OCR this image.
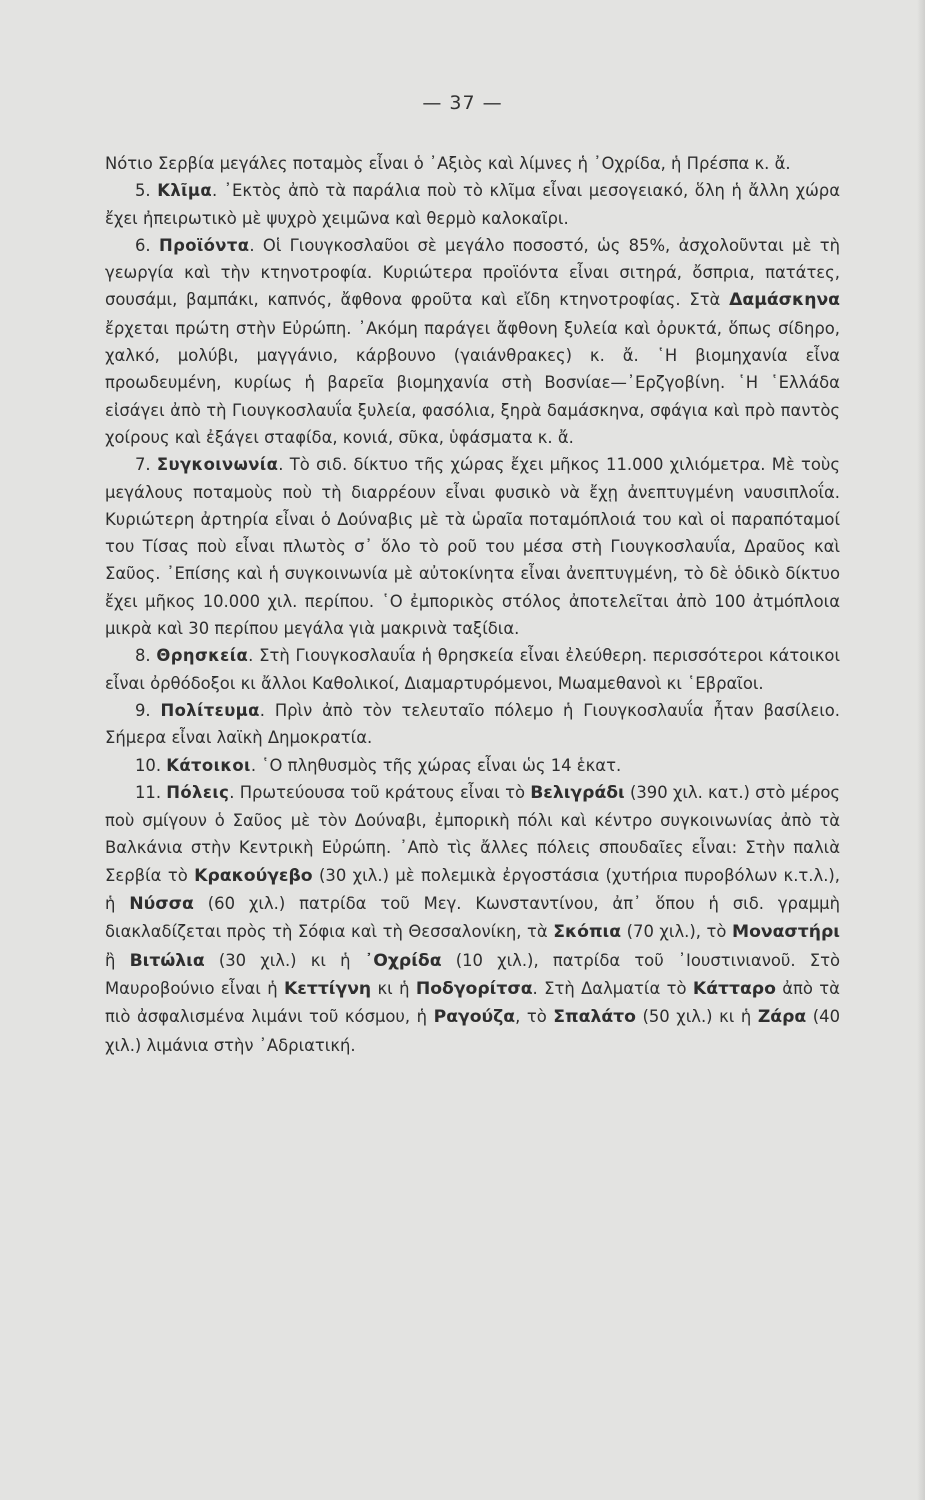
— 37 —

Νότιο Σερβία μεγάλες ποταμὸς εἶναι ὁ ᾿Αξιὸς καὶ λίμνες ἡ ᾿Οχρίδα, ἡ Πρέσπα κ. ἄ.

5. Κλῖμα. ᾿Εκτὸς ἀπὸ τὰ παράλια ποὺ τὸ κλῖμα εἶναι μεσογειακό, ὅλη ἡ ἄλλη χώρα ἔχει ἠπειρωτικὸ μὲ ψυχρὸ χειμῶνα καὶ θερμὸ καλοκαῖρι.

6. Προϊόντα. Οἱ Γιουγκοσλαῦοι σὲ μεγάλο ποσοστό, ὡς 85%, ἀσχολοῦνται μὲ τὴ γεωργία καὶ τὴν κτηνοτροφία. Κυριώτερα προϊόντα εἶναι σιτηρά, ὄσπρια, πατάτες, σουσάμι, βαμπάκι, καπνός, ἄφθονα φροῦτα καὶ εἴδη κτηνοτροφίας. Στὰ Δαμάσκηνα ἔρχεται πρώτη στὴν Εὐρώπη. ᾿Ακόμη παράγει ἄφθονη ξυλεία καὶ ὀρυκτά, ὅπως σίδηρο, χαλκό, μολύβι, μαγγάνιο, κάρβουνο (γαιάνθρακες) κ. ἄ. ῾Η βιομηχανία εἶνα προωδευμένη, κυρίως ἡ βαρεῖα βιομηχανία στὴ Βοσνίαε—᾿Ερζγοβίνη. ῾Η ῾Ελλάδα εἰσάγει ἀπὸ τὴ Γιουγκοσλαυΐα ξυλεία, φασόλια, ξηρὰ δαμάσκηνα, σφάγια καὶ πρὸ παντὸς χοίρους καὶ ἐξάγει σταφίδα, κονιά, σῦκα, ὑφάσματα κ. ἄ.

7. Συγκοινωνία. Τὸ σιδ. δίκτυο τῆς χώρας ἔχει μῆκος 11.000 χιλιόμετρα. Μὲ τοὺς μεγάλους ποταμοὺς ποὺ τὴ διαρρέουν εἶναι φυσικὸ νὰ ἔχῃ ἀνεπτυγμένη ναυσιπλοΐα. Κυριώτερη ἀρτηρία εἶναι ὁ Δούναβις μὲ τὰ ὡραῖα ποταμόπλοιά του καὶ οἱ παραπόταμοί του Τίσας ποὺ εἶναι πλωτὸς σ᾿ ὅλο τὸ ροῦ του μέσα στὴ Γιουγκοσλαυΐα, Δραῦος καὶ Σαῦος. ᾿Επίσης καὶ ἡ συγκοινωνία μὲ αὐτοκίνητα εἶναι ἀνεπτυγμένη, τὸ δὲ ὁδικὸ δίκτυο ἔχει μῆκος 10.000 χιλ. περίπου. ῾Ο ἐμπορικὸς στόλος ἀποτελεῖται ἀπὸ 100 ἀτμόπλοια μικρὰ καὶ 30 περίπου μεγάλα γιὰ μακρινὰ ταξίδια.

8. Θρησκεία. Στὴ Γιουγκοσλαυΐα ἡ θρησκεία εἶναι ἐλεύθερη. περισσότεροι κάτοικοι εἶναι ὀρθόδοξοι κι ἄλλοι Καθολικοί, Διαμαρτυρόμενοι, Μωαμεθανοὶ κι ῾Εβραῖοι.

9. Πολίτευμα. Πρὶν ἀπὸ τὸν τελευταῖο πόλεμο ἡ Γιουγκοσλαυΐα ἦταν βασίλειο. Σήμερα εἶναι λαϊκὴ Δημοκρατία.

10. Κάτοικοι. ῾Ο πληθυσμὸς τῆς χώρας εἶναι ὡς 14 ἑκατ.

11. Πόλεις. Πρωτεύουσα τοῦ κράτους εἶναι τὸ Βελιγράδι (390 χιλ. κατ.) στὸ μέρος ποὺ σμίγουν ὁ Σαῦος μὲ τὸν Δούναβι, ἐμπορικὴ πόλι καὶ κέντρο συγκοινωνίας ἀπὸ τὰ Βαλκάνια στὴν Κεντρικὴ Εὐρώπη. ᾿Απὸ τὶς ἄλλες πόλεις σπουδαῖες εἶναι: Στὴν παλιὰ Σερβία τὸ Κρακούγεβο (30 χιλ.) μὲ πολεμικὰ ἐργοστάσια (χυτήρια πυροβόλων κ.τ.λ.), ἡ Νύσσα (60 χιλ.) πατρίδα τοῦ Μεγ. Κωνσταντίνου, ἀπ᾿ ὅπου ἡ σιδ. γραμμὴ διακλαδίζεται πρὸς τὴ Σόφια καὶ τὴ Θεσσαλονίκη, τὰ Σκόπια (70 χιλ.), τὸ Μοναστήρι ἢ Βιτώλια (30 χιλ.) κι ἡ ᾿Οχρίδα (10 χιλ.), πατρίδα τοῦ ᾿Ιουστινιανοῦ. Στὸ Μαυροβούνιο εἶναι ἡ Κεττίγνη κι ἡ Ποδγορίτσα. Στὴ Δαλματία τὸ Κάτταρο ἀπὸ τὰ πιὸ ἀσφαλισμένα λιμάνι τοῦ κόσμου, ἡ Ραγούζα, τὸ Σπαλάτο (50 χιλ.) κι ἡ Ζάρα (40 χιλ.) λιμάνια στὴν ᾿Αδριατική.
